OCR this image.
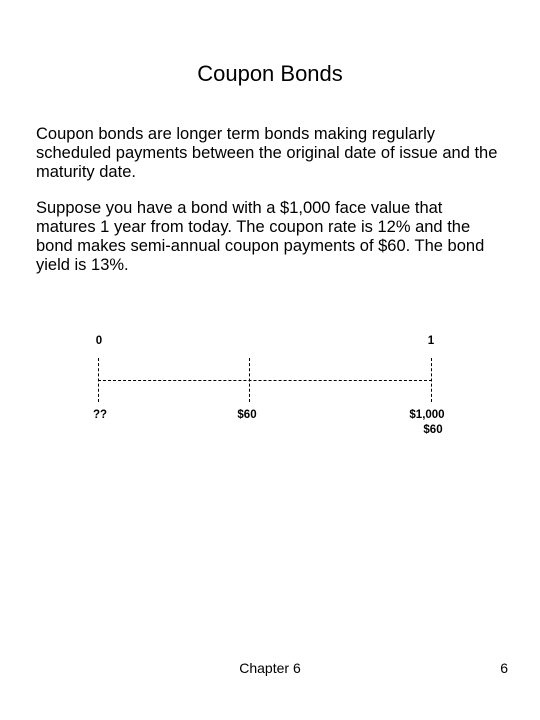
Coupon Bonds
Coupon bonds are longer term bonds making regularly scheduled payments between the original date of issue and the maturity date.
Suppose you have a bond with a $1,000 face value that matures 1 year from today. The coupon rate is 12% and the bond makes semi-annual coupon payments of $60. The bond yield is 13%.
0	1
??	$60	$1,000
$60
Chapter 6	6
